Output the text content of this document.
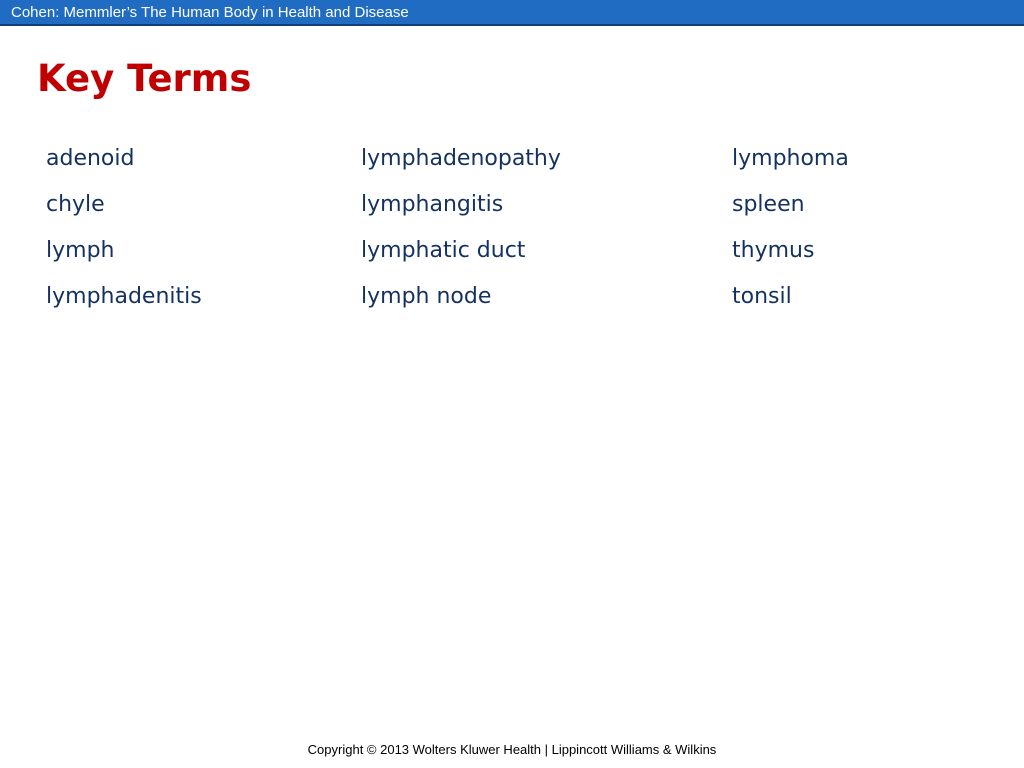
Cohen: Memmler’s The Human Body in Health and Disease
Key Terms
adenoid	lymphadenopathy	lymphoma
chyle	lymphangitis	spleen
lymph	lymphatic duct	thymus
lymphadenitis	lymph node	tonsil
Copyright © 2013 Wolters Kluwer Health | Lippincott Williams & Wilkins
